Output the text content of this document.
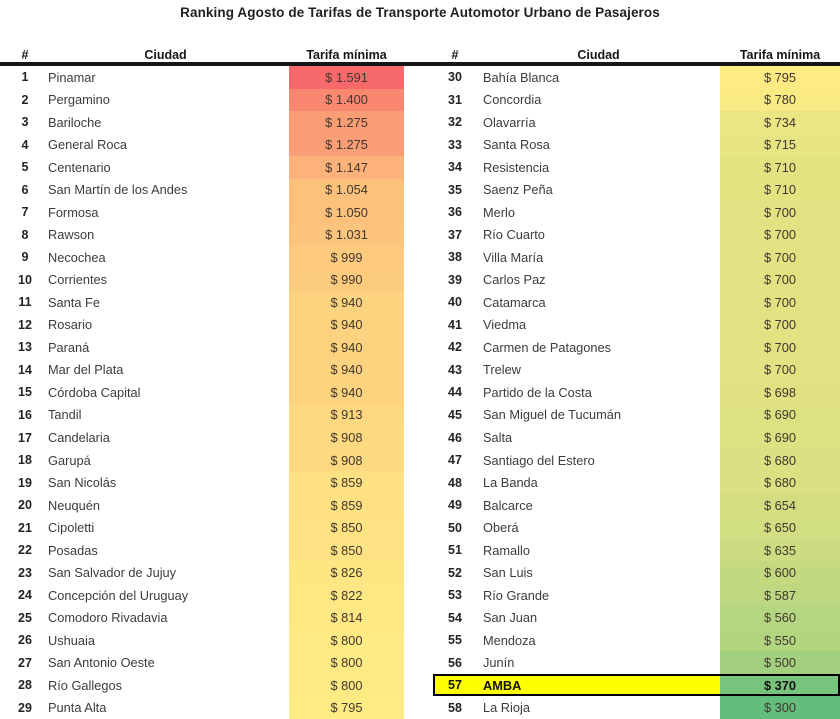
Ranking Agosto de Tarifas de Transporte Automotor Urbano de Pasajeros
#	Ciudad	Tarifa mínima
1	Pinamar	$ 1.591
2	Pergamino	$ 1.400
3	Bariloche	$ 1.275
4	General Roca	$ 1.275
5	Centenario	$ 1.147
6	San Martín de los Andes	$ 1.054
7	Formosa	$ 1.050
8	Rawson	$ 1.031
9	Necochea	$ 999
10	Corrientes	$ 990
11	Santa Fe	$ 940
12	Rosario	$ 940
13	Paraná	$ 940
14	Mar del Plata	$ 940
15	Córdoba Capital	$ 940
16	Tandil	$ 913
17	Candelaria	$ 908
18	Garupá	$ 908
19	San Nicolás	$ 859
20	Neuquén	$ 859
21	Cipoletti	$ 850
22	Posadas	$ 850
23	San Salvador de Jujuy	$ 826
24	Concepción del Uruguay	$ 822
25	Comodoro Rivadavia	$ 814
26	Ushuaia	$ 800
27	San Antonio Oeste	$ 800
28	Río Gallegos	$ 800
29	Punta Alta	$ 795
#	Ciudad	Tarifa mínima
30	Bahía Blanca	$ 795
31	Concordia	$ 780
32	Olavarría	$ 734
33	Santa Rosa	$ 715
34	Resistencia	$ 710
35	Saenz Peña	$ 710
36	Merlo	$ 700
37	Río Cuarto	$ 700
38	Villa María	$ 700
39	Carlos Paz	$ 700
40	Catamarca	$ 700
41	Viedma	$ 700
42	Carmen de Patagones	$ 700
43	Trelew	$ 700
44	Partido de la Costa	$ 698
45	San Miguel de Tucumán	$ 690
46	Salta	$ 690
47	Santiago del Estero	$ 680
48	La Banda	$ 680
49	Balcarce	$ 654
50	Oberá	$ 650
51	Ramallo	$ 635
52	San Luis	$ 600
53	Río Grande	$ 587
54	San Juan	$ 560
55	Mendoza	$ 550
56	Junín	$ 500
57	AMBA	$ 370
58	La Rioja	$ 300
